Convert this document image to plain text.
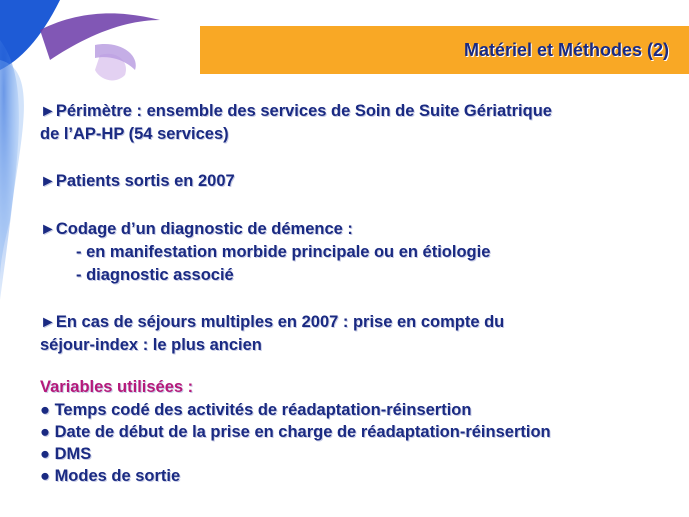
Matériel et Méthodes (2)
►Périmètre : ensemble des services de Soin de Suite Gériatrique
de l’AP-HP (54 services)
►Patients sortis en 2007
►Codage d’un diagnostic de démence :
- en manifestation morbide principale ou en étiologie
- diagnostic associé
►En cas de séjours multiples en 2007 : prise en compte du
séjour-index : le plus ancien
Variables utilisées :
● Temps codé des activités de réadaptation-réinsertion
● Date de début de la prise en charge de réadaptation-réinsertion
● DMS
● Modes de sortie
